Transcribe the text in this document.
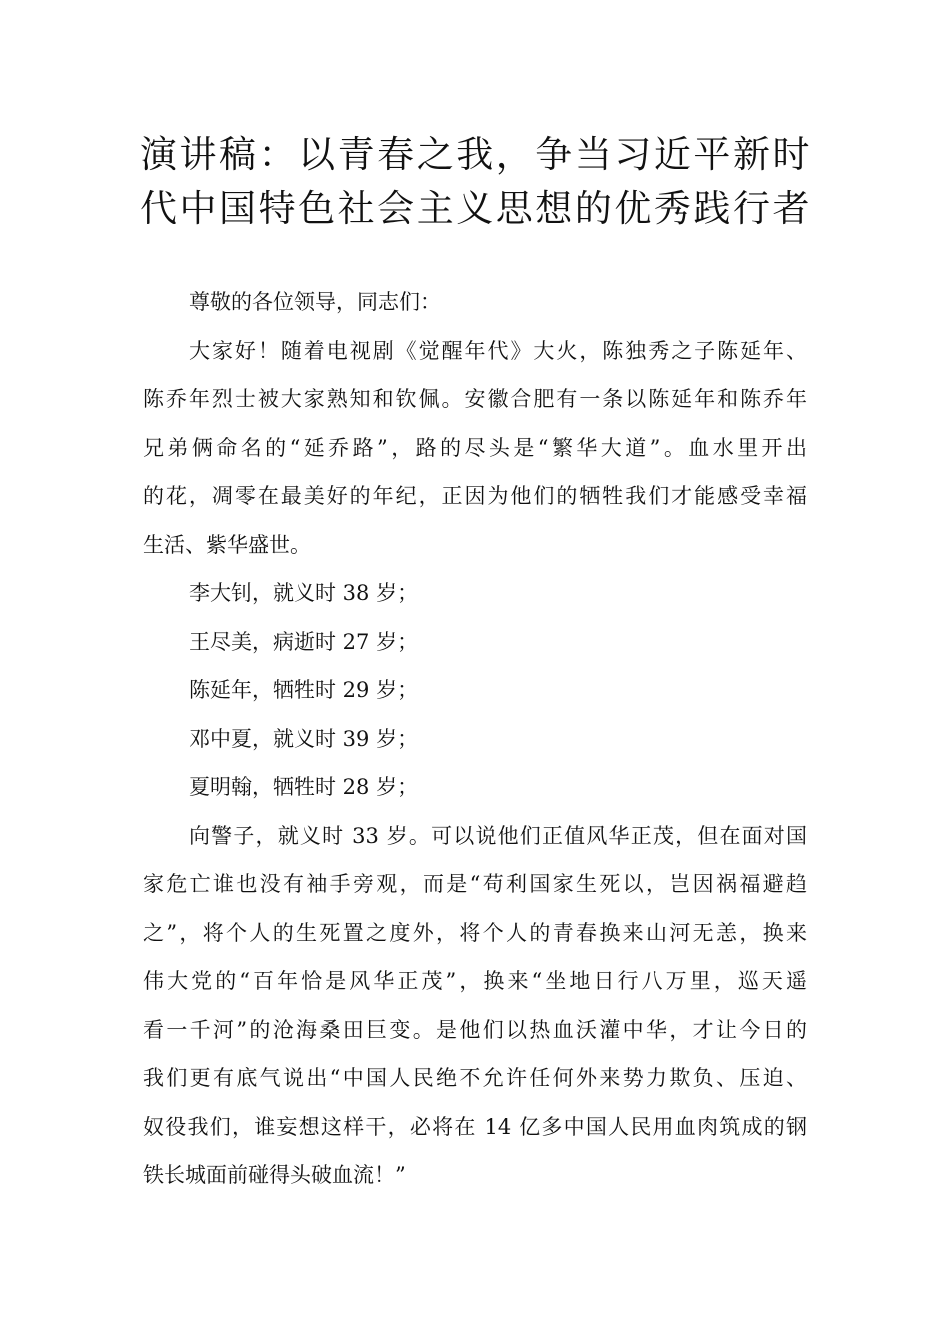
演讲稿：以青春之我，争当习近平新时
代中国特色社会主义思想的优秀践行者

尊敬的各位领导，同志们：

大家好！随着电视剧《觉醒年代》大火，陈独秀之子陈延年、
陈乔年烈士被大家熟知和钦佩。安徽合肥有一条以陈延年和陈乔年
兄弟俩命名的“延乔路”，路的尽头是“繁华大道”。血水里开出
的花，凋零在最美好的年纪，正因为他们的牺牲我们才能感受幸福
生活、紫华盛世。

李大钊，就义时 38 岁；

王尽美，病逝时 27 岁；

陈延年，牺牲时 29 岁；

邓中夏，就义时 39 岁；

夏明翰，牺牲时 28 岁；

向警子，就义时 33 岁。可以说他们正值风华正茂，但在面对国
家危亡谁也没有袖手旁观，而是“苟利国家生死以，岂因祸福避趋
之”，将个人的生死置之度外，将个人的青春换来山河无恙，换来
伟大党的“百年恰是风华正茂”，换来“坐地日行八万里，巡天遥
看一千河”的沧海桑田巨变。是他们以热血沃灌中华，才让今日的
我们更有底气说出“中国人民绝不允许任何外来势力欺负、压迫、
奴役我们，谁妄想这样干，必将在 14 亿多中国人民用血肉筑成的钢
铁长城面前碰得头破血流！”
